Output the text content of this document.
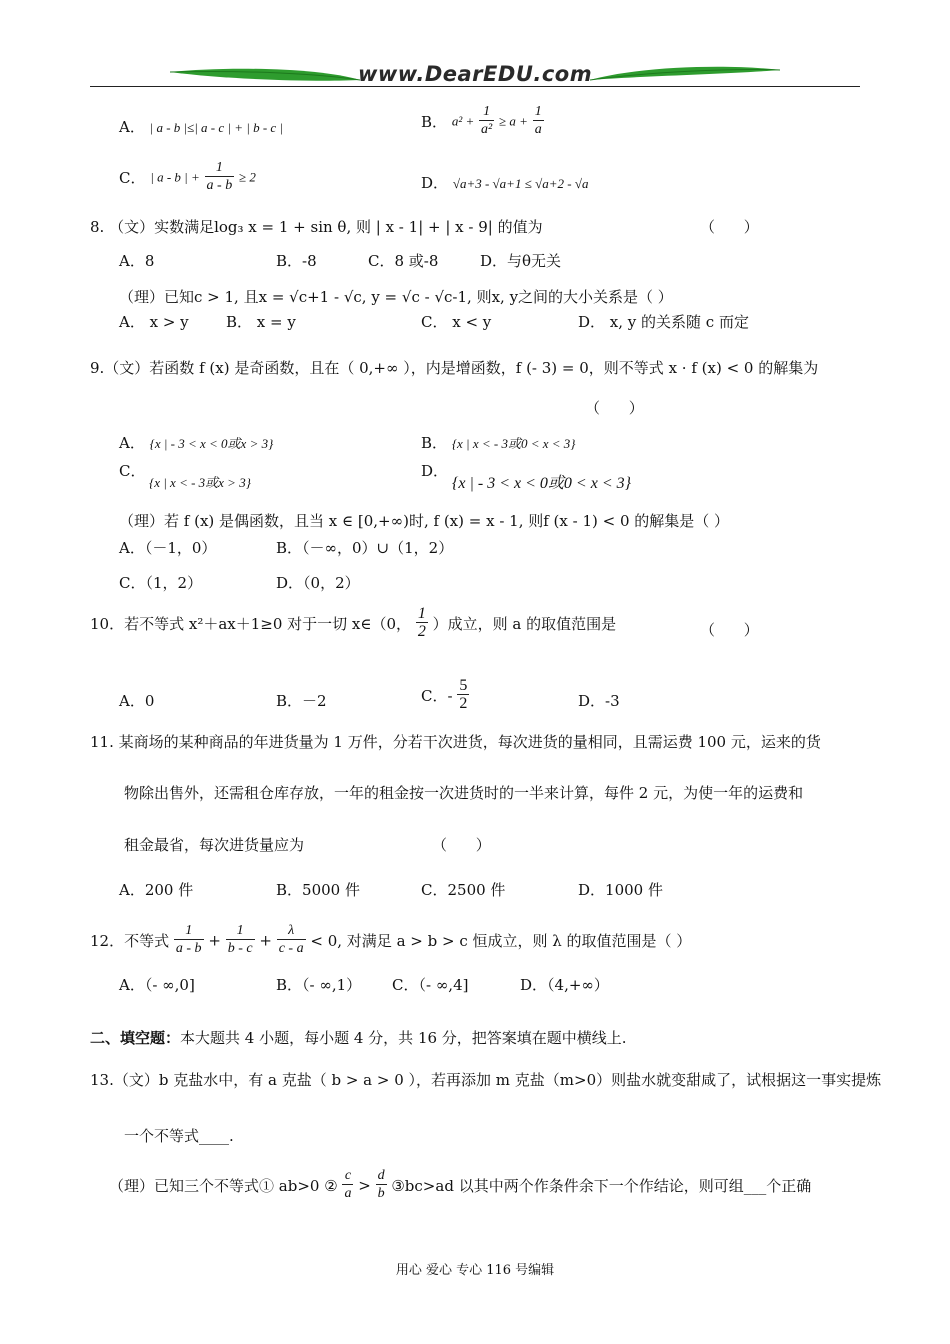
www.DearEDU.com
A． | a - b |≤| a - c | + | b - c |	B． $a^2 + \frac{1}{\text{a²}} \ge a + \frac{1}{a}$
C． | a - b | + $\frac{1}{a - b} \ge 2$	D． √a+3 - √a+1 ≤ √a+2 - √a
8. （文）实数满足log₃ x = 1 + sin θ, 则 | x - 1| + | x - 9| 的值为	（ ）
A．8	B．-8	C．8 或-8	D．与θ无关
（理）已知c > 1, 且x = √c+1 - √c, y = √c - √c-1, 则x, y之间的大小关系是（ ）
A． x > y B． x = y	C． x < y	D． x, y 的关系随 c 而定
9.（文）若函数 f (x) 是奇函数，且在（ 0,+∞ ），内是增函数，f (- 3) = 0，则不等式 x · f (x) < 0 的解集为
（ ）
A． {x | - 3 < x < 0或x > 3}	B． {x | x < - 3或0 < x < 3}
C．
{x | x < - 3或x > 3}
D．
{x | - 3 < x < 0或0 < x < 3}
（理）若 f (x) 是偶函数，且当 x ∈ [0,+∞)时, f (x) = x - 1, 则f (x - 1) < 0 的解集是（ ）
A．（－1，0）	B．（－∞，0）∪（1，2）
C．（1，2）	D．（0，2）
10．若不等式 x²＋ax＋1≥0 对于一切 x∈（0， $\frac{1}{2}$ ）成立，则 a 的取值范围是	（ ）
A．0	B．－2	C．- $\frac{5}{2}$	D．-3
11. 某商场的某种商品的年进货量为 1 万件，分若干次进货，每次进货的量相同，且需运费 100 元，运来的货
物除出售外，还需租仓库存放，一年的租金按一次进货时的一半来计算，每件 2 元，为使一年的运费和
租金最省，每次进货量应为	（ ）
A．200 件	B．5000 件	C．2500 件	D．1000 件
12．不等式 $\frac{1}{a - b} + \frac{1}{b - c} + \frac{\lambda}{c - a} < 0$, 对满足 a > b > c 恒成立，则 λ 的取值范围是（ ）
A．（- ∞,0]	B．（- ∞,1） C．（- ∞,4]	D．（4,+∞）
二、填空题：本大题共 4 小题，每小题 4 分，共 16 分，把答案填在题中横线上.
13.（文）b 克盐水中，有 a 克盐（ b > a > 0 ），若再添加 m 克盐（m>0）则盐水就变甜咸了，试根据这一事实提炼
一个不等式____.
（理）已知三个不等式① ab>0 ② $\frac{c}{a} > \frac{d}{b}$ ③bc>ad 以其中两个作条件余下一个作结论，则可组___个正确
用心 爱心 专心 116 号编辑
